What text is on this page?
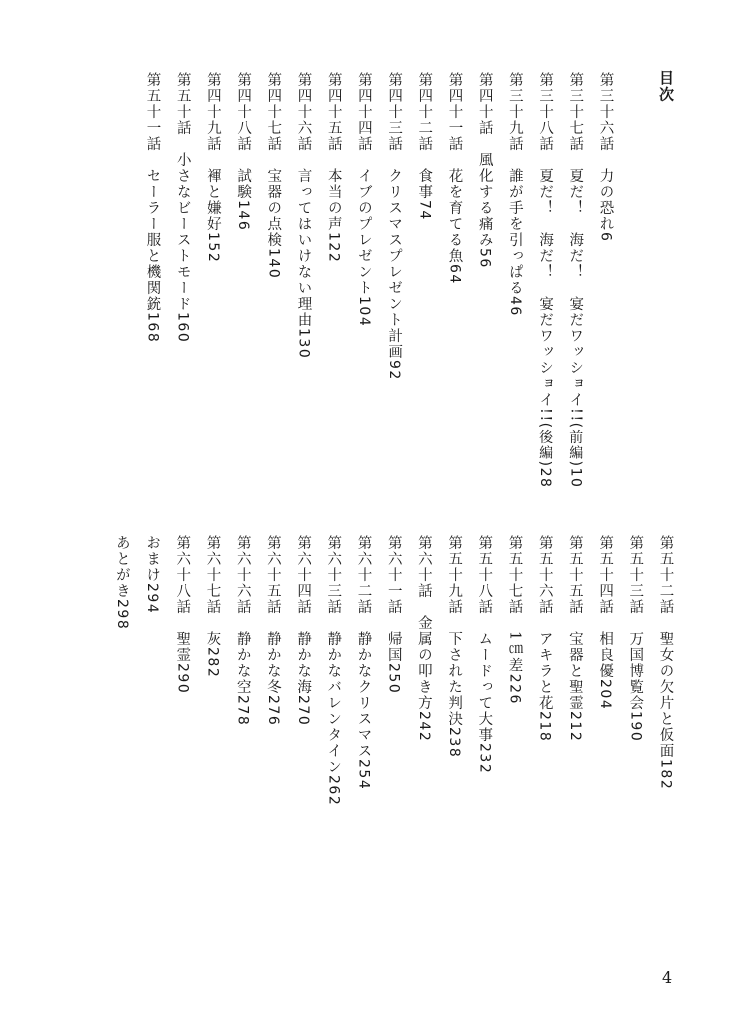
目次
第三十六話　力の恐れ6
第三十七話　夏だ！　海だ！　宴だワッショイ!!(前編)10
第三十八話　夏だ！　海だ！　宴だワッショイ!!(後編)28
第三十九話　誰が手を引っぱる46
第四十話　風化する痛み56
第四十一話　花を育てる魚64
第四十二話　食事74
第四十三話　クリスマスプレゼント計画92
第四十四話　イブのプレゼント104
第四十五話　本当の声122
第四十六話　言ってはいけない理由130
第四十七話　宝器の点検140
第四十八話　試験146
第四十九話　褌と嫌好152
第五十話　小さなビーストモード160
第五十一話　セーラー服と機関銃168
第五十二話　聖女の欠片と仮面182
第五十三話　万国博覧会190
第五十四話　相良優204
第五十五話　宝器と聖霊212
第五十六話　アキラと花218
第五十七話　1㎝差226
第五十八話　ムードって大事232
第五十九話　下された判決238
第六十話　金属の叩き方242
第六十一話　帰国250
第六十二話　静かなクリスマス254
第六十三話　静かなバレンタイン262
第六十四話　静かな海270
第六十五話　静かな冬276
第六十六話　静かな空278
第六十七話　灰282
第六十八話　聖霊290
おまけ294
あとがき298
4
